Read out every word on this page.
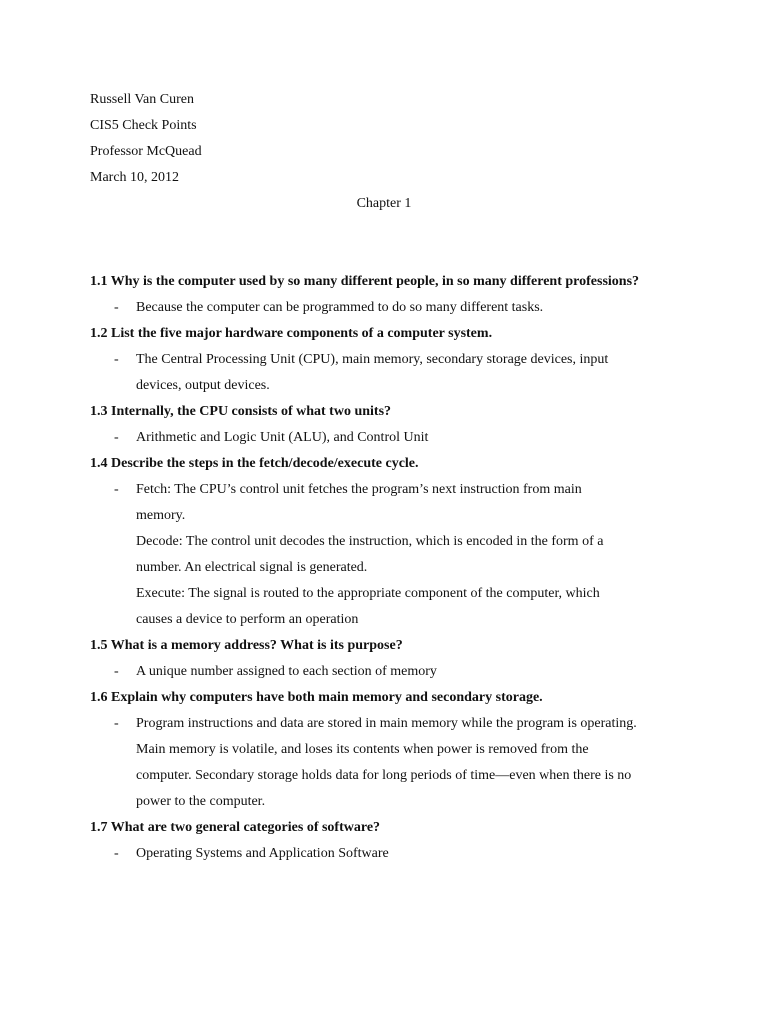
Russell Van Curen
CIS5 Check Points
Professor McQuead
March 10, 2012
Chapter 1
1.1 Why is the computer used by so many different people, in so many different professions?
- Because the computer can be programmed to do so many different tasks.
1.2 List the five major hardware components of a computer system.
- The Central Processing Unit (CPU), main memory, secondary storage devices, input
devices, output devices.
1.3 Internally, the CPU consists of what two units?
- Arithmetic and Logic Unit (ALU), and Control Unit
1.4 Describe the steps in the fetch/decode/execute cycle.
- Fetch: The CPU’s control unit fetches the program’s next instruction from main
memory.
Decode: The control unit decodes the instruction, which is encoded in the form of a
number. An electrical signal is generated.
Execute: The signal is routed to the appropriate component of the computer, which
causes a device to perform an operation
1.5 What is a memory address? What is its purpose?
- A unique number assigned to each section of memory
1.6 Explain why computers have both main memory and secondary storage.
- Program instructions and data are stored in main memory while the program is operating.
Main memory is volatile, and loses its contents when power is removed from the
computer. Secondary storage holds data for long periods of time—even when there is no
power to the computer.
1.7 What are two general categories of software?
- Operating Systems and Application Software
